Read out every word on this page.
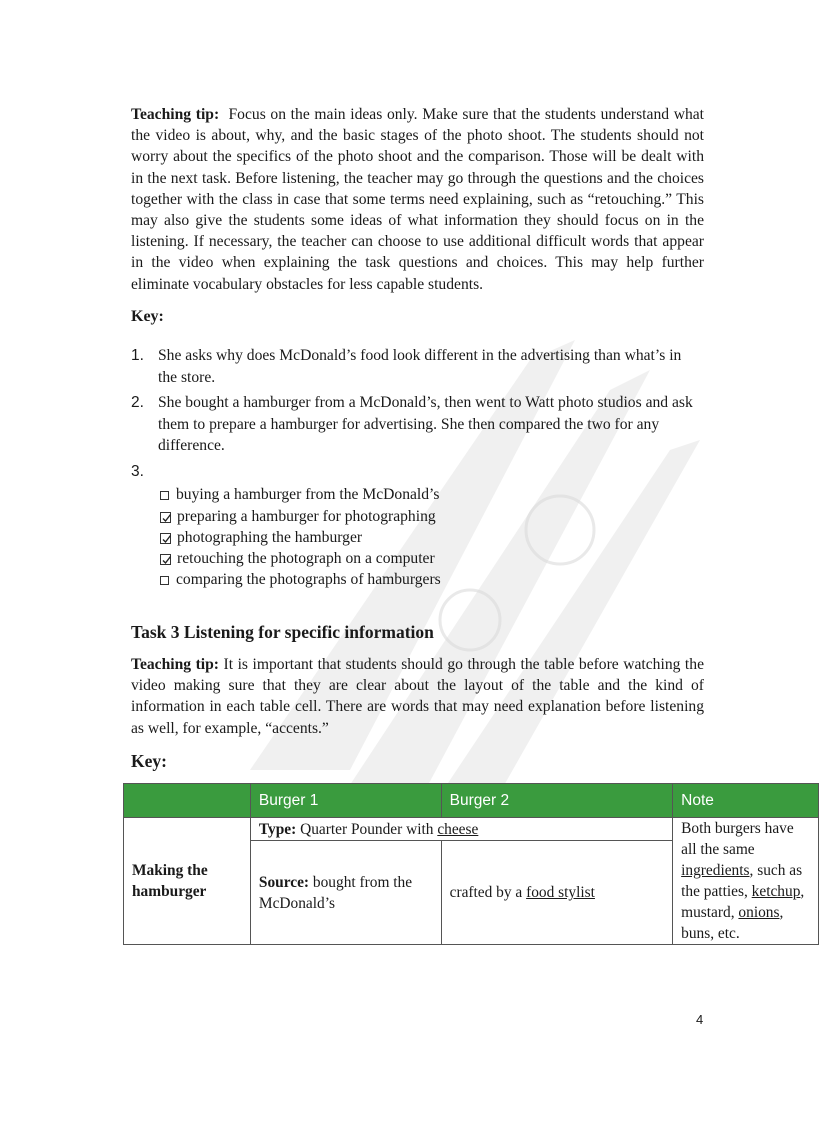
Teaching tip: Focus on the main ideas only. Make sure that the students understand what the video is about, why, and the basic stages of the photo shoot. The students should not worry about the specifics of the photo shoot and the comparison. Those will be dealt with in the next task. Before listening, the teacher may go through the questions and the choices together with the class in case that some terms need explaining, such as “retouching.” This may also give the students some ideas of what information they should focus on in the listening. If necessary, the teacher can choose to use additional difficult words that appear in the video when explaining the task questions and choices. This may help further eliminate vocabulary obstacles for less capable students.
Key:
1. She asks why does McDonald’s food look different in the advertising than what’s in the store.
2. She bought a hamburger from a McDonald’s, then went to Watt photo studios and ask them to prepare a hamburger for advertising. She then compared the two for any difference.
3.
buying a hamburger from the McDonald’s
preparing a hamburger for photographing
photographing the hamburger
retouching the photograph on a computer
comparing the photographs of hamburgers
Task 3 Listening for specific information
Teaching tip: It is important that students should go through the table before watching the video making sure that they are clear about the layout of the table and the kind of information in each table cell. There are words that may need explanation before listening as well, for example, “accents.”
Key:
	Burger 1	Burger 2	Note
Making the hamburger	Type: Quarter Pounder with cheese		Both burgers have all the same ingredients, such as the patties, ketchup, mustard, onions, buns, etc.
	Source: bought from the McDonald’s	crafted by a food stylist	
4
